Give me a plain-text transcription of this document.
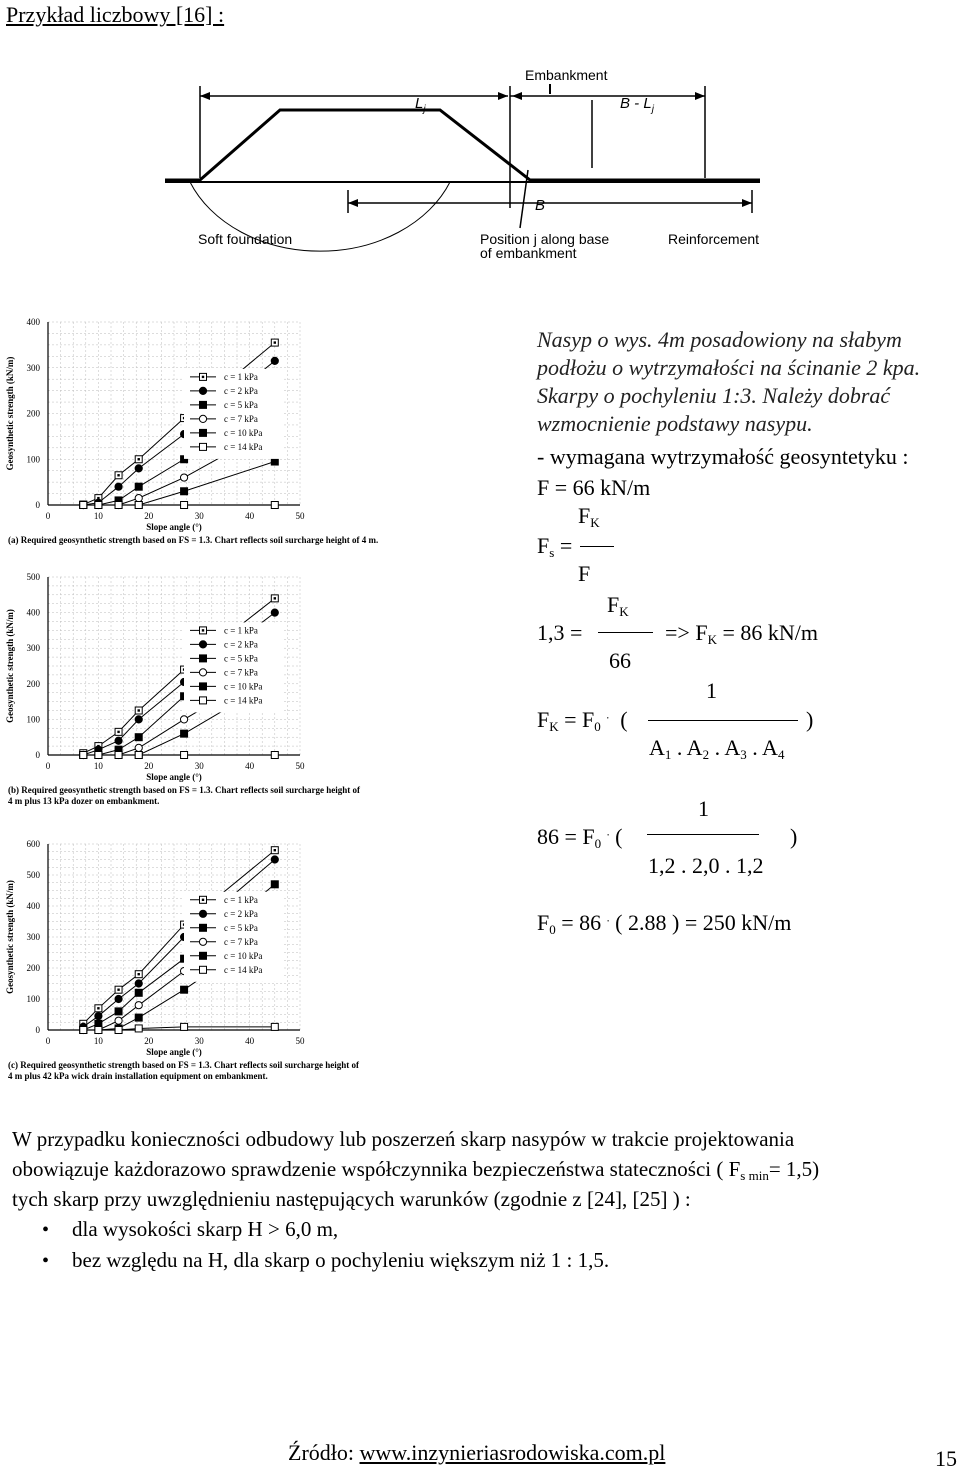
Przykład liczbowy [16] :
Embankment
$L_j$	B - $L_j$
B
Soft foundation	Position j along base
of embankment
Reinforcement
0
100
200
300
400
0	10	20	30	40	50
Slope angle (°)
Geosynthetic strength (kN/m)	c = 1 kPa
c = 2 kPa
c = 5 kPa
c = 7 kPa
c = 10 kPa
c = 14 kPa
(a) Required geosynthetic strength based on FS = 1.3. Chart reflects soil surcharge height of 4 m.
0
100
200
300
400
500
0	10	20	30	40	50
Slope angle (°)
Geosynthetic strength (kN/m)	c = 1 kPa
c = 2 kPa
c = 5 kPa
c = 7 kPa
c = 10 kPa
c = 14 kPa
(b) Required geosynthetic strength based on FS = 1.3. Chart reflects soil surcharge height of
4 m plus 13 kPa dozer on embankment.
0
100
200
300
400
500
600
0	10	20	30	40	50
Slope angle (°)
Geosynthetic strength (kN/m)	c = 1 kPa
c = 2 kPa
c = 5 kPa
c = 7 kPa
c = 10 kPa
c = 14 kPa
(c) Required geosynthetic strength based on FS = 1.3. Chart reflects soil surcharge height of
4 m plus 42 kPa wick drain installation equipment on embankment.
Nasyp o wys. 4m posadowiony na słabym
podłożu o wytrzymałości na ścinanie 2 kpa.
Skarpy o pochyleniu 1:3. Należy dobrać
wzmocnienie podstawy nasypu.
- wymagana wytrzymałość geosyntetyku :
F = 66 kN/m
$F_K$
$F_s$ =
F
$F_K$
1,3 =	=> $F_K = 86$ kN/m
66
1
$F_K = F_0$ .  (	)
$A_1$ . $A_2$ . $A_3$ . $A_4$
1
$86 = F_0$ . (	)
1,2 . 2,0 . 1,2
$F_0 = 86$ . ( 2.88 ) = 250 kN/m
W przypadku konieczności odbudowy lub poszerzeń skarp nasypów w trakcie projektowania
obowiązuje każdorazowo sprawdzenie współczynnika bezpieczeństwa stateczności ( $F_{s min}= 1,5$)
tych skarp przy uwzględnieniu następujących warunków (zgodnie z [24], [25] ) :
•	dla wysokości skarp H > 6,0 m,
•	bez względu na H, dla skarp o pochyleniu większym niż 1 : 1,5.
Źródło: www.inzynieriasrodowiska.com.pl	15
